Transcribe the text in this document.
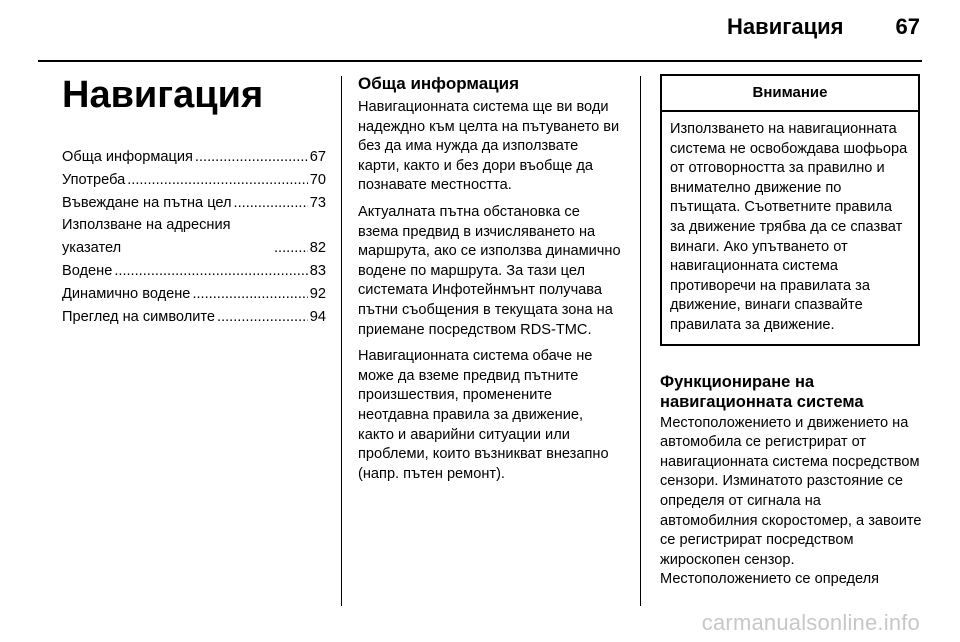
Навигация 67
Навигация
Обща информация .....	67
Употреба .....	70
Въвеждане на пътна цел .....	73
Използване на адресния указател .....	82
Водене .....	83
Динамично водене .....	92
Преглед на символите .....	94
Обща информация

Навигационната система ще ви води надеждно към целта на пътуването ви без да има нужда да използвате карти, както и без дори въобще да познавате местността.

Актуалната пътна обстановка се взема предвид в изчисляването на маршрута, ако се използва динамично водене по маршрута. За тази цел системата Инфотейнмънт получава пътни съобщения в текущата зона на приемане посредством RDS-TMC.

Навигационната система обаче не може да вземе предвид пътните произшествия, променените неотдавна правила за движение, както и аварийни ситуации или проблеми, които възникват внезапно (напр. пътен ремонт).

Внимание
Използването на навигационната система не освобождава шофьора от отговорността за правилно и внимателно движение по пътищата. Съответните правила за движение трябва да се спазват винаги. Ако упътването от навигационната система противоречи на правилата за движение, винаги спазвайте правилата за движение.
Функциониране на навигационната система

Местоположението и движението на автомобила се регистрират от навигационната система посредством сензори. Изминатото разстояние се определя от сигнала на автомобилния скоростомер, а завоите се регистрират посредством жироскопен сензор. Местоположението се определя

carmanualsonline.info
